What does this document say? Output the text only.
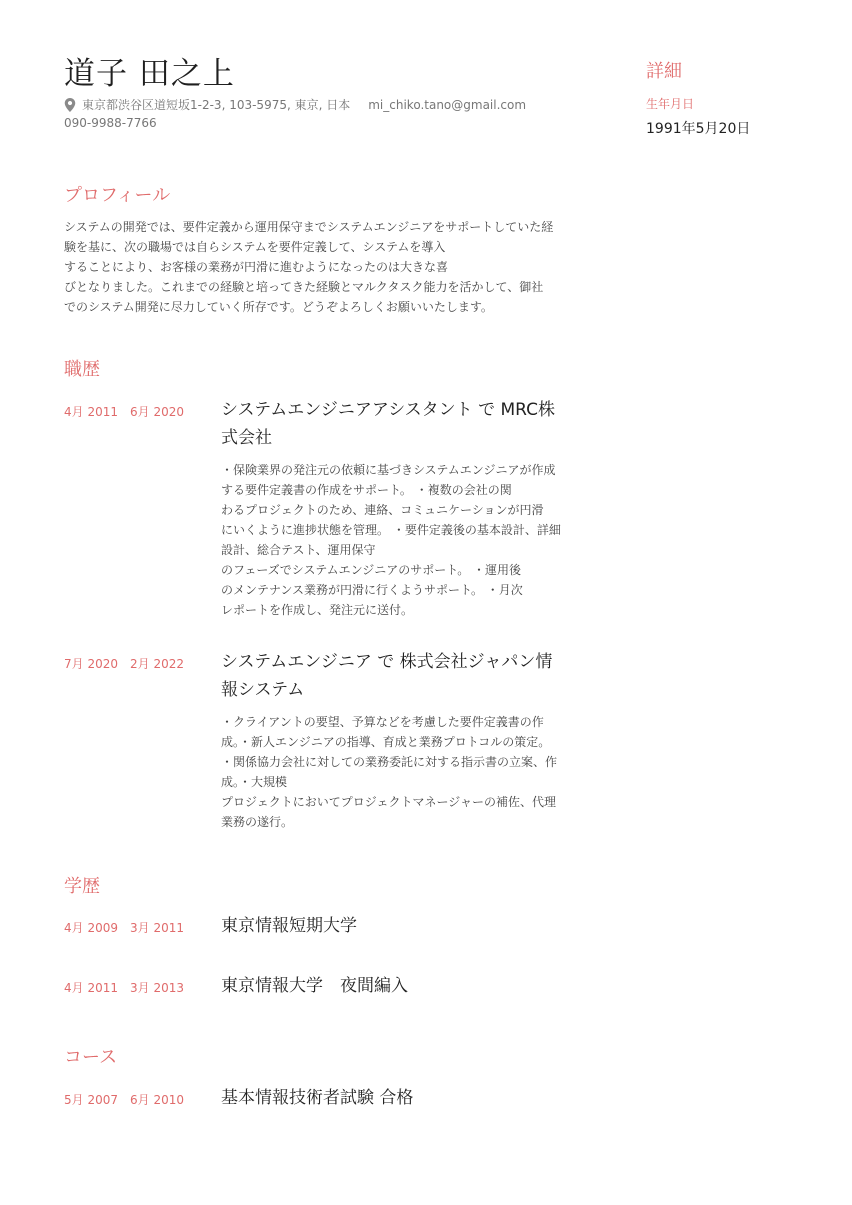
道子 田之上
東京都渋谷区道短坂1-2-3, 103-5975, 東京, 日本 mi_chiko.tano@gmail.com
090-9988-7766
詳細
生年月日
1991年5月20日
プロフィール
システムの開発では、要件定義から運用保守までシステムエンジニアをサポートしていた経
験を基に、次の職場では自らシステムを要件定義して、システムを導入
することにより、お客様の業務が円滑に進むようになったのは大きな喜
びとなりました。これまでの経験と培ってきた経験とマルクタスク能力を活かして、御社
でのシステム開発に尽力していく所存です。どうぞよろしくお願いいたします。
職歴
4月 2011 6月 2020 システムエンジニアアシスタント で MRC株
式会社
・保険業界の発注元の依頼に基づきシステムエンジニアが作成
する要件定義書の作成をサポート。 ・複数の会社の関
わるプロジェクトのため、連絡、コミュニケーションが円滑
にいくように進捗状態を管理。 ・要件定義後の基本設計、詳細
設計、総合テスト、運用保守
のフェーズでシステムエンジニアのサポート。 ・運用後
のメンテナンス業務が円滑に行くようサポート。 ・月次
レポートを作成し、発注元に送付。
7月 2020 2月 2022 システムエンジニア で 株式会社ジャパン情
報システム
・クライアントの要望、予算などを考慮した要件定義書の作
成。・新人エンジニアの指導、育成と業務プロトコルの策定。
・関係協力会社に対しての業務委託に対する指示書の立案、作
成。・大規模
プロジェクトにおいてプロジェクトマネージャーの補佐、代理
業務の遂行。
学歴
4月 2009 3月 2011 東京情報短期大学
4月 2011 3月 2013 東京情報大学　夜間編入
コース
5月 2007 6月 2010 基本情報技術者試験 合格
